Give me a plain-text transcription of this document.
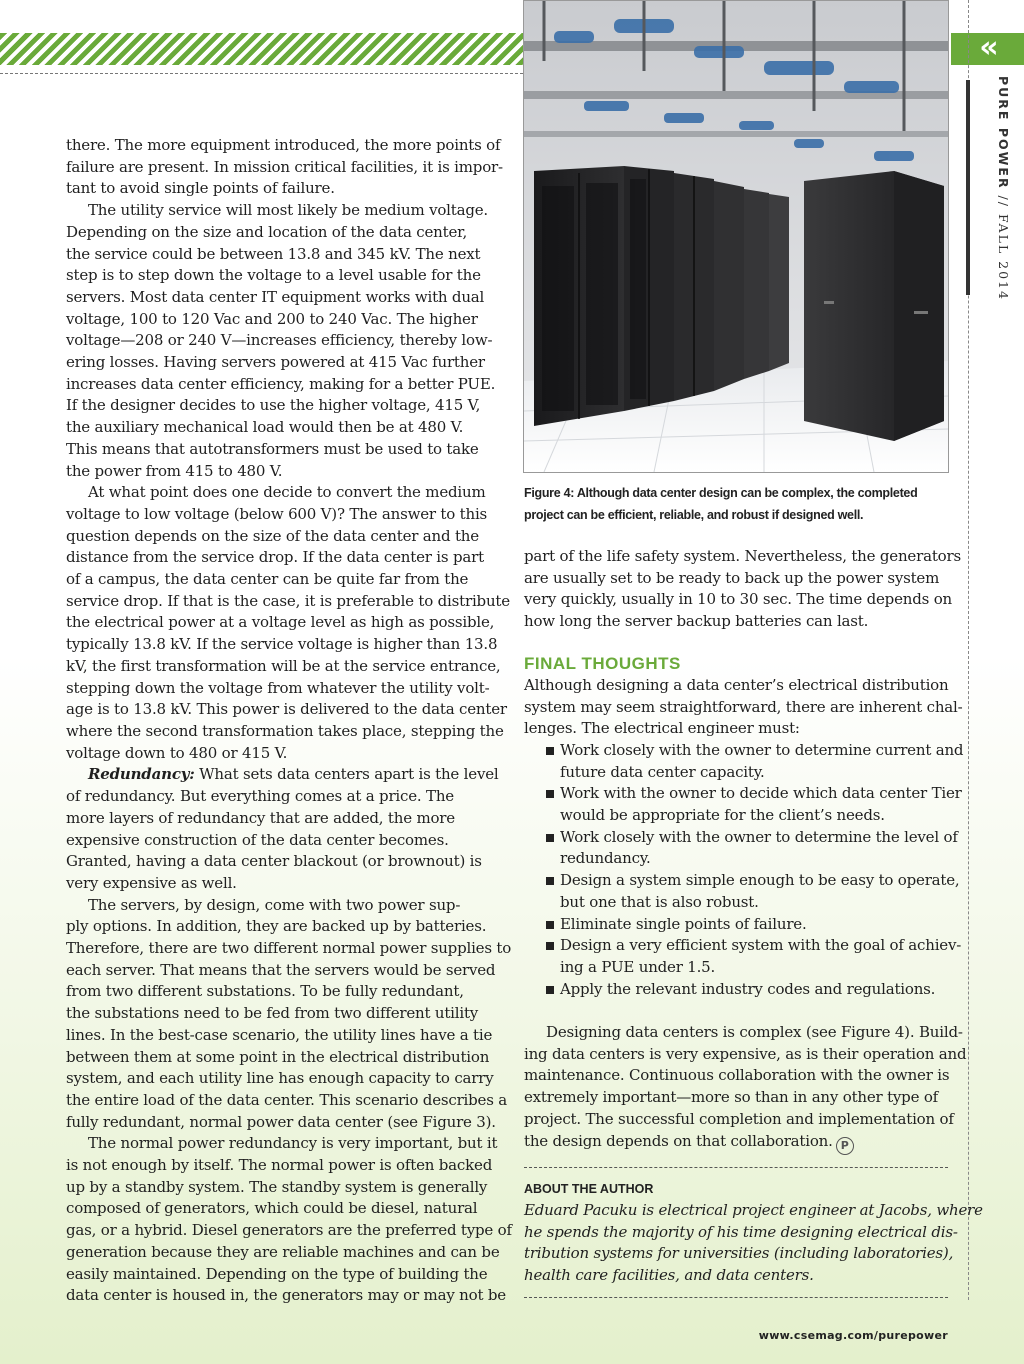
«
PURE POWER // FALL 2014
Figure 4: Although data center design can be complex, the completed
project can be efficient, reliable, and robust if designed well.

there. The more equipment introduced, the more points of

failure are present. In mission critical facilities, it is impor-

tant to avoid single points of failure.

The utility service will most likely be medium voltage.

Depending on the size and location of the data center,

the service could be between 13.8 and 345 kV. The next

step is to step down the voltage to a level usable for the

servers. Most data center IT equipment works with dual

voltage, 100 to 120 Vac and 200 to 240 Vac. The higher

voltage—208 or 240 V—increases efficiency, thereby low-

ering losses. Having servers powered at 415 Vac further

increases data center efficiency, making for a better PUE.

If the designer decides to use the higher voltage, 415 V,

the auxiliary mechanical load would then be at 480 V.

This means that autotransformers must be used to take

the power from 415 to 480 V.

At what point does one decide to convert the medium

voltage to low voltage (below 600 V)? The answer to this

question depends on the size of the data center and the

distance from the service drop. If the data center is part

of a campus, the data center can be quite far from the

service drop. If that is the case, it is preferable to distribute

the electrical power at a voltage level as high as possible,

typically 13.8 kV. If the service voltage is higher than 13.8

kV, the first transformation will be at the service entrance,

stepping down the voltage from whatever the utility volt-

age is to 13.8 kV. This power is delivered to the data center

where the second transformation takes place, stepping the

voltage down to 480 or 415 V.

Redundancy: What sets data centers apart is the level

of redundancy. But everything comes at a price. The

more layers of redundancy that are added, the more

expensive construction of the data center becomes.

Granted, having a data center blackout (or brownout) is

very expensive as well.

The servers, by design, come with two power sup-

ply options. In addition, they are backed up by batteries.

Therefore, there are two different normal power supplies to

each server. That means that the servers would be served

from two different substations. To be fully redundant,

the substations need to be fed from two different utility

lines. In the best-case scenario, the utility lines have a tie

between them at some point in the electrical distribution

system, and each utility line has enough capacity to carry

the entire load of the data center. This scenario describes a

fully redundant, normal power data center (see Figure 3).

The normal power redundancy is very important, but it

is not enough by itself. The normal power is often backed

up by a standby system. The standby system is generally

composed of generators, which could be diesel, natural

gas, or a hybrid. Diesel generators are the preferred type of

generation because they are reliable machines and can be

easily maintained. Depending on the type of building the

data center is housed in, the generators may or may not be

part of the life safety system. Nevertheless, the generators

are usually set to be ready to back up the power system

very quickly, usually in 10 to 30 sec. The time depends on

how long the server backup batteries can last.

FINAL THOUGHTS

Although designing a data center’s electrical distribution

system may seem straightforward, there are inherent chal-

lenges. The electrical engineer must:

Work closely with the owner to determine current and
future data center capacity.
Work with the owner to decide which data center Tier
would be appropriate for the client’s needs.
Work closely with the owner to determine the level of
redundancy.
Design a system simple enough to be easy to operate,
but one that is also robust.
Eliminate single points of failure.
Design a very efficient system with the goal of achiev-
ing a PUE under 1.5.
Apply the relevant industry codes and regulations.

Designing data centers is complex (see Figure 4). Build-

ing data centers is very expensive, as is their operation and

maintenance. Continuous collaboration with the owner is

extremely important—more so than in any other type of

project. The successful completion and implementation of

the design depends on that collaboration. P

ABOUT THE AUTHOR

Eduard Pacuku is electrical project engineer at Jacobs, where

he spends the majority of his time designing electrical dis-

tribution systems for universities (including laboratories),

health care facilities, and data centers.

www.csemag.com/purepower
